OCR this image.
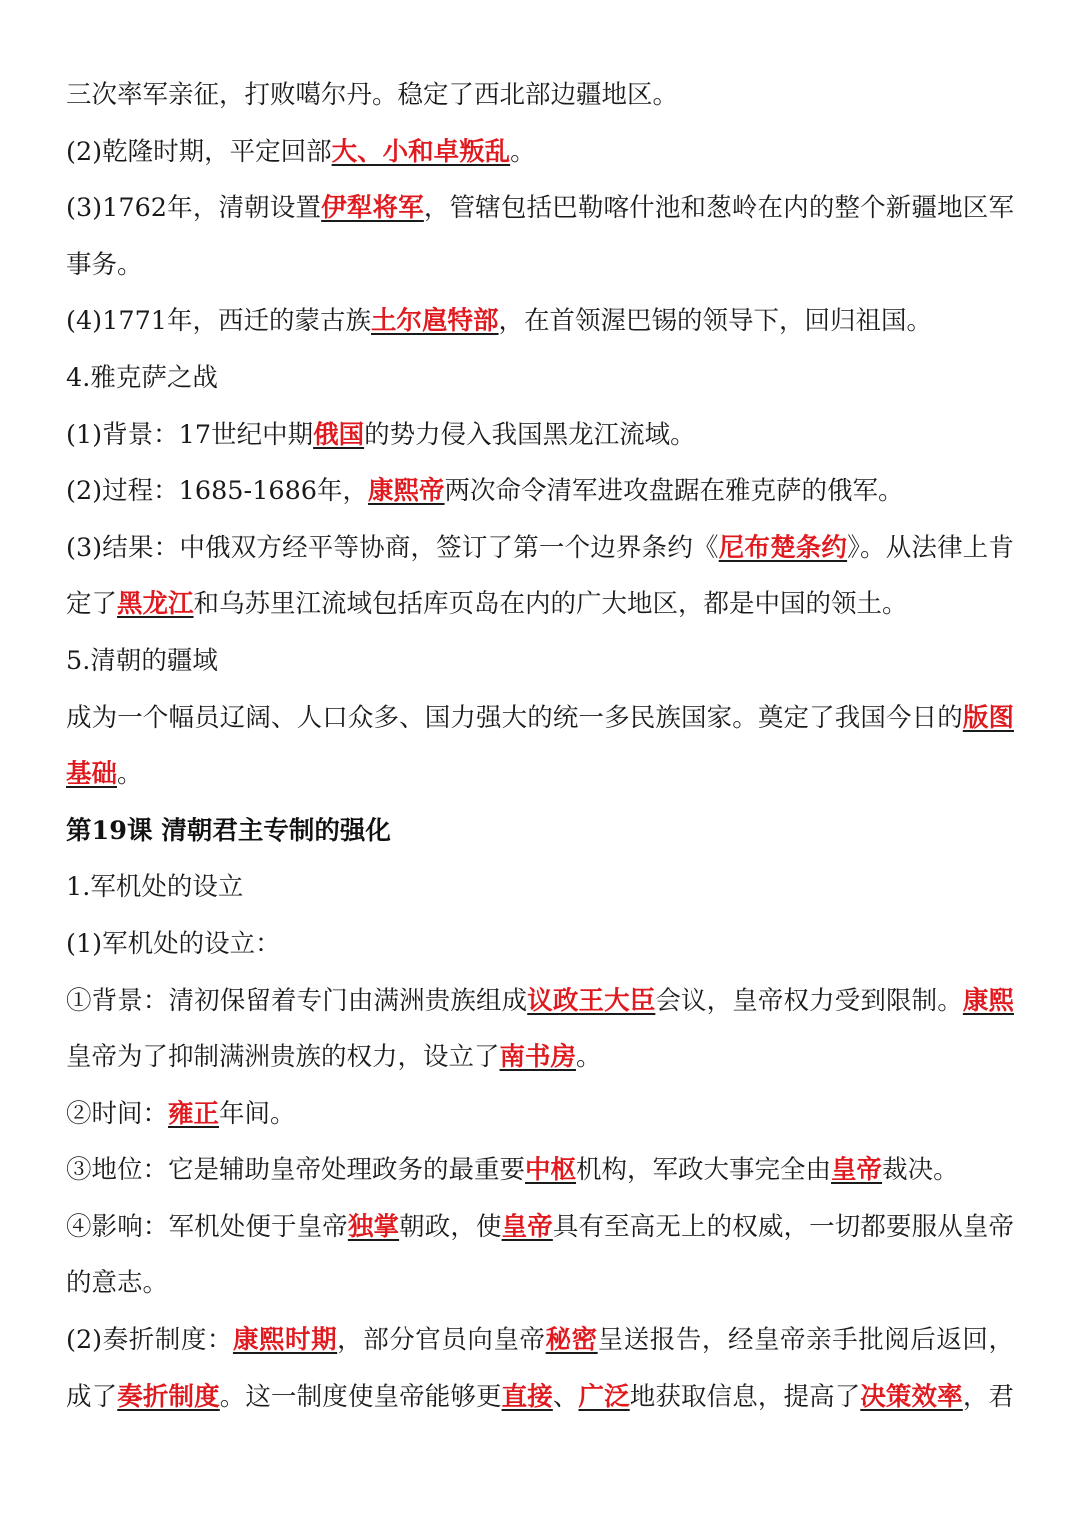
三次率军亲征，打败噶尔丹。稳定了西北部边疆地区。
(2)乾隆时期，平定回部大、小和卓叛乱。
(3)1762年，清朝设置伊犁将军，管辖包括巴勒喀什池和葱岭在内的整个新疆地区军
事务。
(4)1771年，西迁的蒙古族土尔扈特部，在首领渥巴锡的领导下，回归祖国。
4.雅克萨之战
(1)背景：17世纪中期俄国的势力侵入我国黑龙江流域。
(2)过程：1685-1686年，康熙帝两次命令清军进攻盘踞在雅克萨的俄军。
(3)结果：中俄双方经平等协商，签订了第一个边界条约《尼布楚条约》。从法律上肯
定了黑龙江和乌苏里江流域包括库页岛在内的广大地区，都是中国的领土。
5.清朝的疆域
成为一个幅员辽阔、人口众多、国力强大的统一多民族国家。奠定了我国今日的版图
基础。
第19课 清朝君主专制的强化
1.军机处的设立
(1)军机处的设立：
①背景：清初保留着专门由满洲贵族组成议政王大臣会议，皇帝权力受到限制。康熙
皇帝为了抑制满洲贵族的权力，设立了南书房。
②时间：雍正年间。
③地位：它是辅助皇帝处理政务的最重要中枢机构，军政大事完全由皇帝裁决。
④影响：军机处便于皇帝独掌朝政，使皇帝具有至高无上的权威，一切都要服从皇帝
的意志。
(2)奏折制度：康熙时期，部分官员向皇帝秘密呈送报告，经皇帝亲手批阅后返回，
成了奏折制度。这一制度使皇帝能够更直接、广泛地获取信息，提高了决策效率，君
